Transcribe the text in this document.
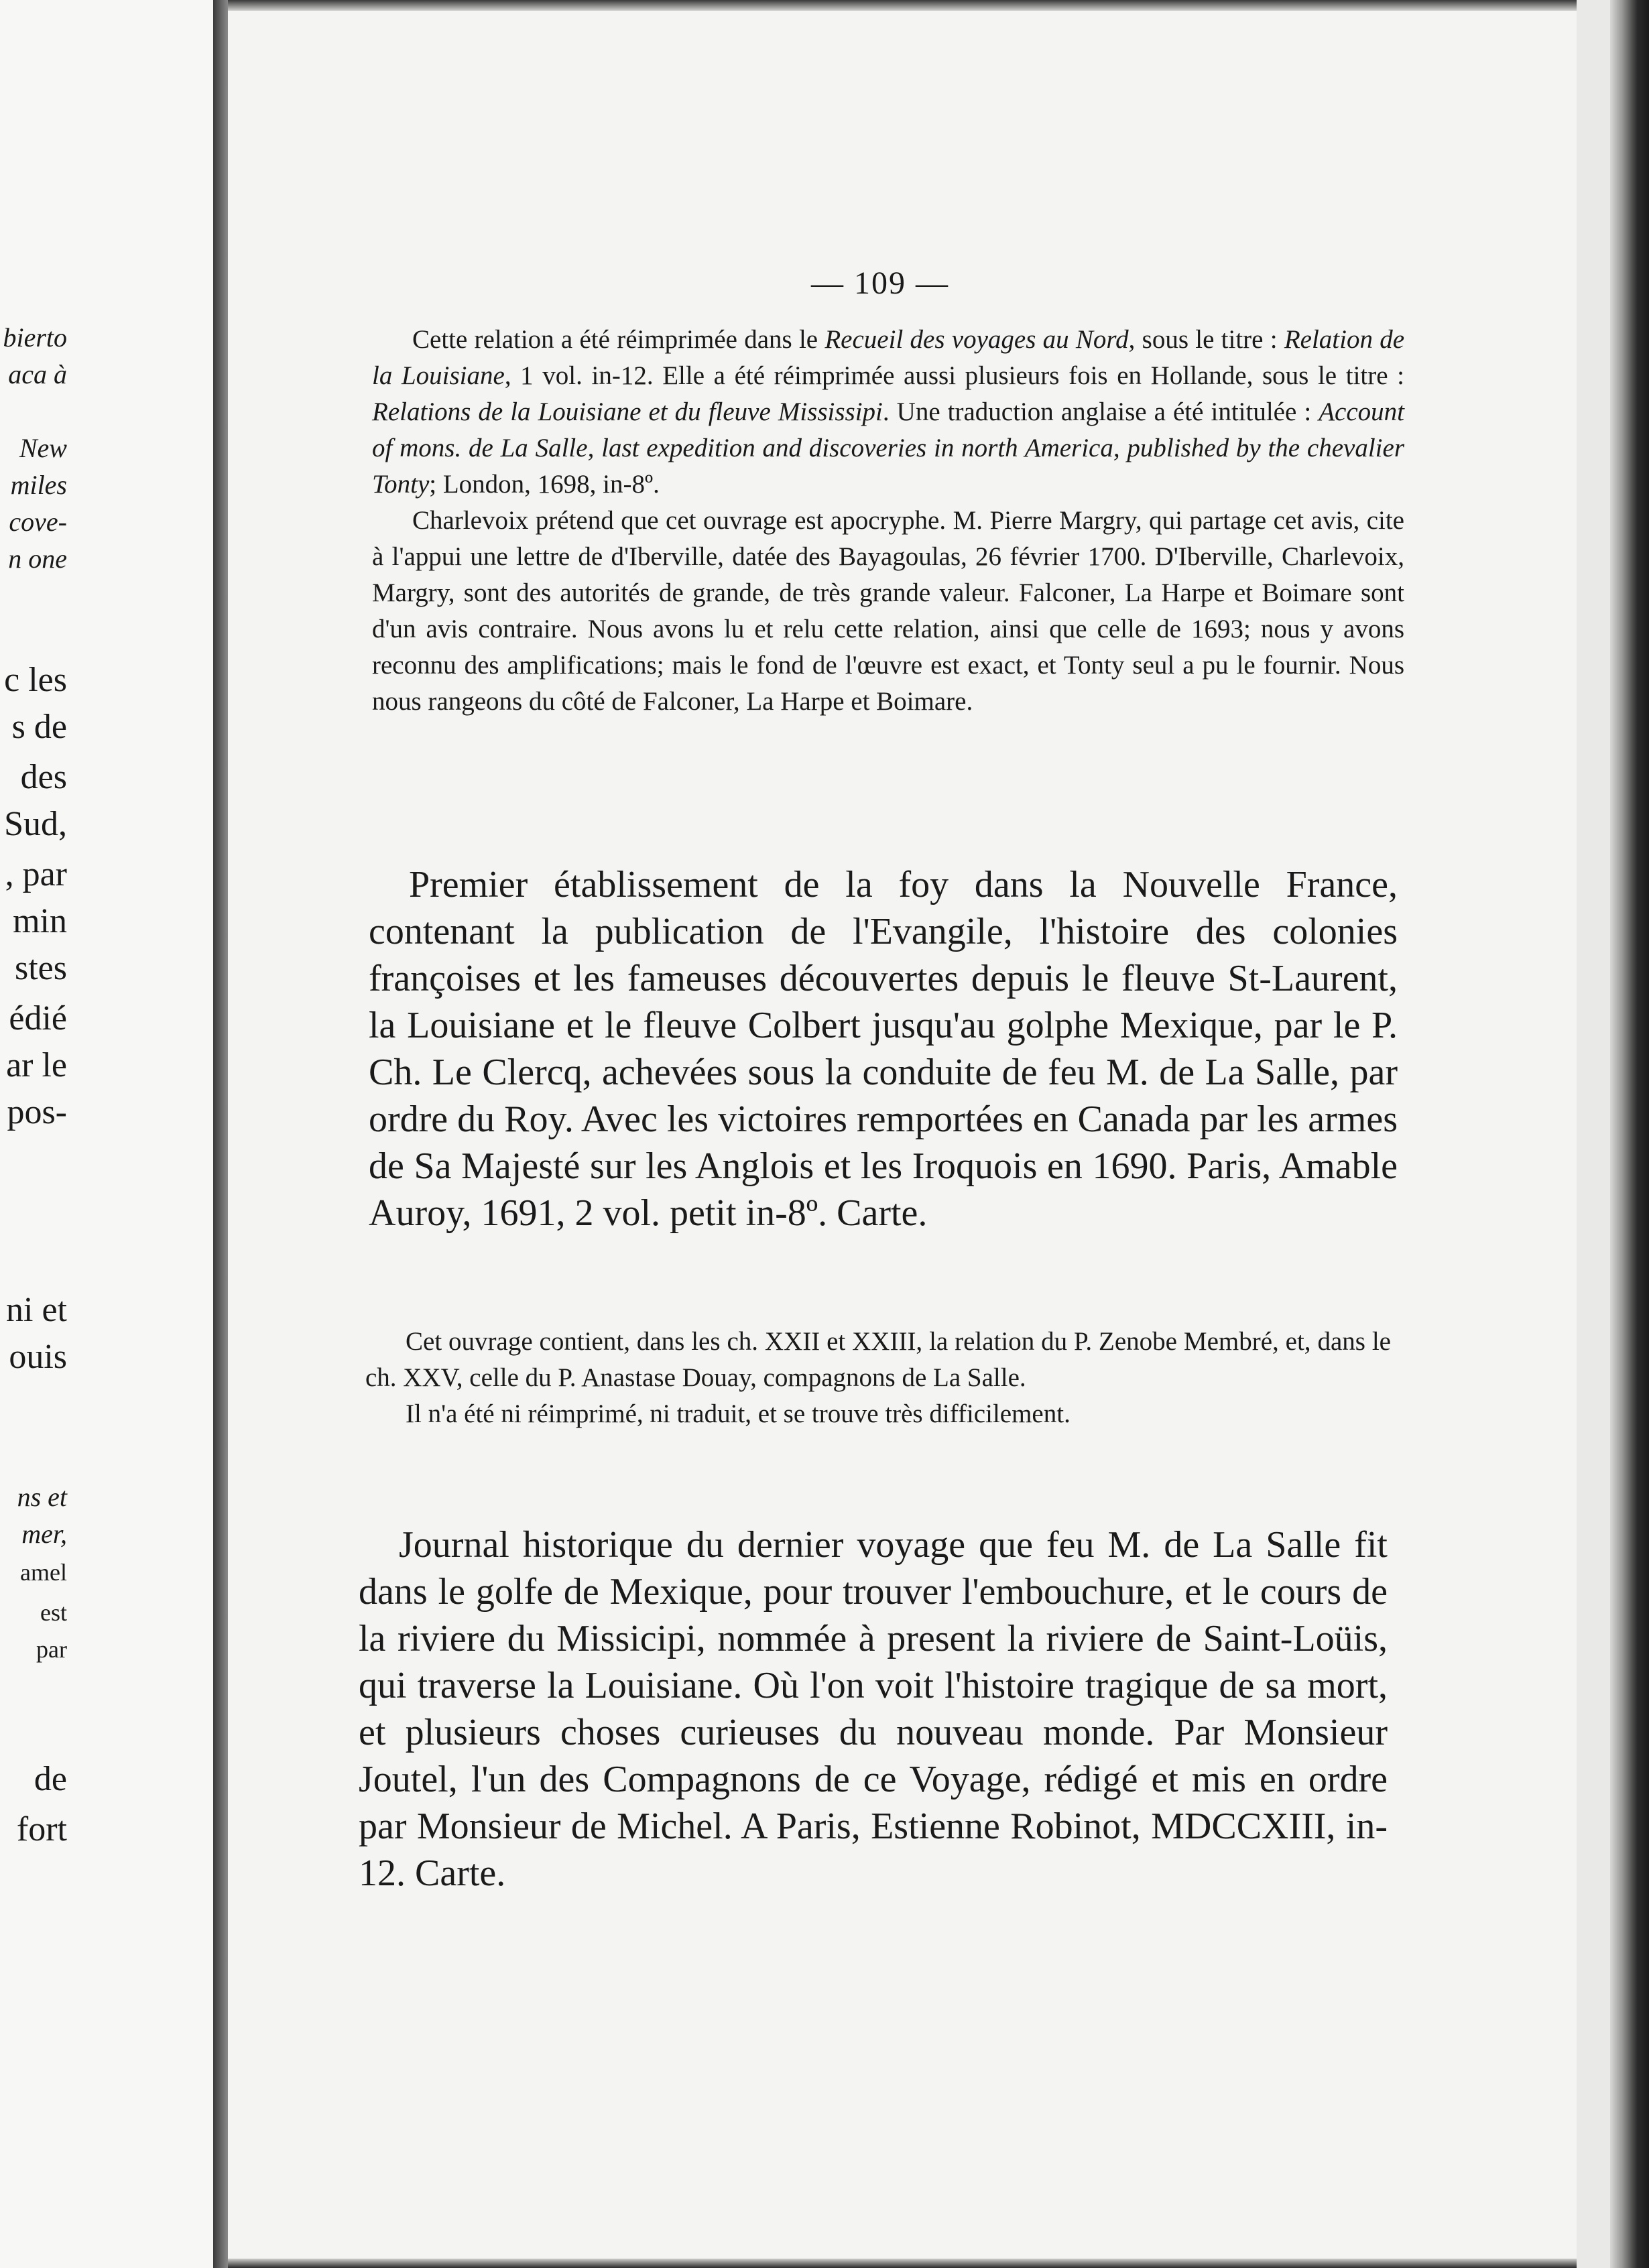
bierto
aca à
New
miles
cove-
n one
c les
s de
des
Sud,
, par
min
stes
édié
ar le
pos-
ni et
ouis
ns et
mer,
amel
est
par
de
fort
— 109 —

Cette relation a été réimprimée dans le Recueil des voyages au Nord, sous le titre : Relation de la Louisiane, 1 vol. in-12. Elle a été réimprimée aussi plusieurs fois en Hollande, sous le titre : Relations de la Louisiane et du fleuve Mississipi. Une traduction anglaise a été intitulée : Account of mons. de La Salle, last expedition and discoveries in north America, published by the chevalier Tonty; London, 1698, in-8º.

Charlevoix prétend que cet ouvrage est apocryphe. M. Pierre Margry, qui partage cet avis, cite à l'appui une lettre de d'Iberville, datée des Bayagoulas, 26 février 1700. D'Iberville, Charlevoix, Margry, sont des autorités de grande, de très grande valeur. Falconer, La Harpe et Boimare sont d'un avis contraire. Nous avons lu et relu cette relation, ainsi que celle de 1693; nous y avons reconnu des amplifications; mais le fond de l'œuvre est exact, et Tonty seul a pu le fournir. Nous nous rangeons du côté de Falconer, La Harpe et Boimare.

Premier établissement de la foy dans la Nouvelle France, contenant la publication de l'Evangile, l'histoire des colonies françoises et les fameuses découvertes depuis le fleuve St-Laurent, la Louisiane et le fleuve Colbert jusqu'au golphe Mexique, par le P. Ch. Le Clercq, achevées sous la conduite de feu M. de La Salle, par ordre du Roy. Avec les victoires remportées en Canada par les armes de Sa Majesté sur les Anglois et les Iroquois en 1690. Paris, Amable Auroy, 1691, 2 vol. petit in-8º. Carte.

Cet ouvrage contient, dans les ch. XXII et XXIII, la relation du P. Zenobe Membré, et, dans le ch. XXV, celle du P. Anastase Douay, compagnons de La Salle.

Il n'a été ni réimprimé, ni traduit, et se trouve très difficilement.

Journal historique du dernier voyage que feu M. de La Salle fit dans le golfe de Mexique, pour trouver l'embouchure, et le cours de la riviere du Missicipi, nommée à present la riviere de Saint-Loüis, qui traverse la Louisiane. Où l'on voit l'histoire tragique de sa mort, et plusieurs choses curieuses du nouveau monde. Par Monsieur Joutel, l'un des Compagnons de ce Voyage, rédigé et mis en ordre par Monsieur de Michel. A Paris, Estienne Robinot, MDCCXIII, in-12. Carte.
